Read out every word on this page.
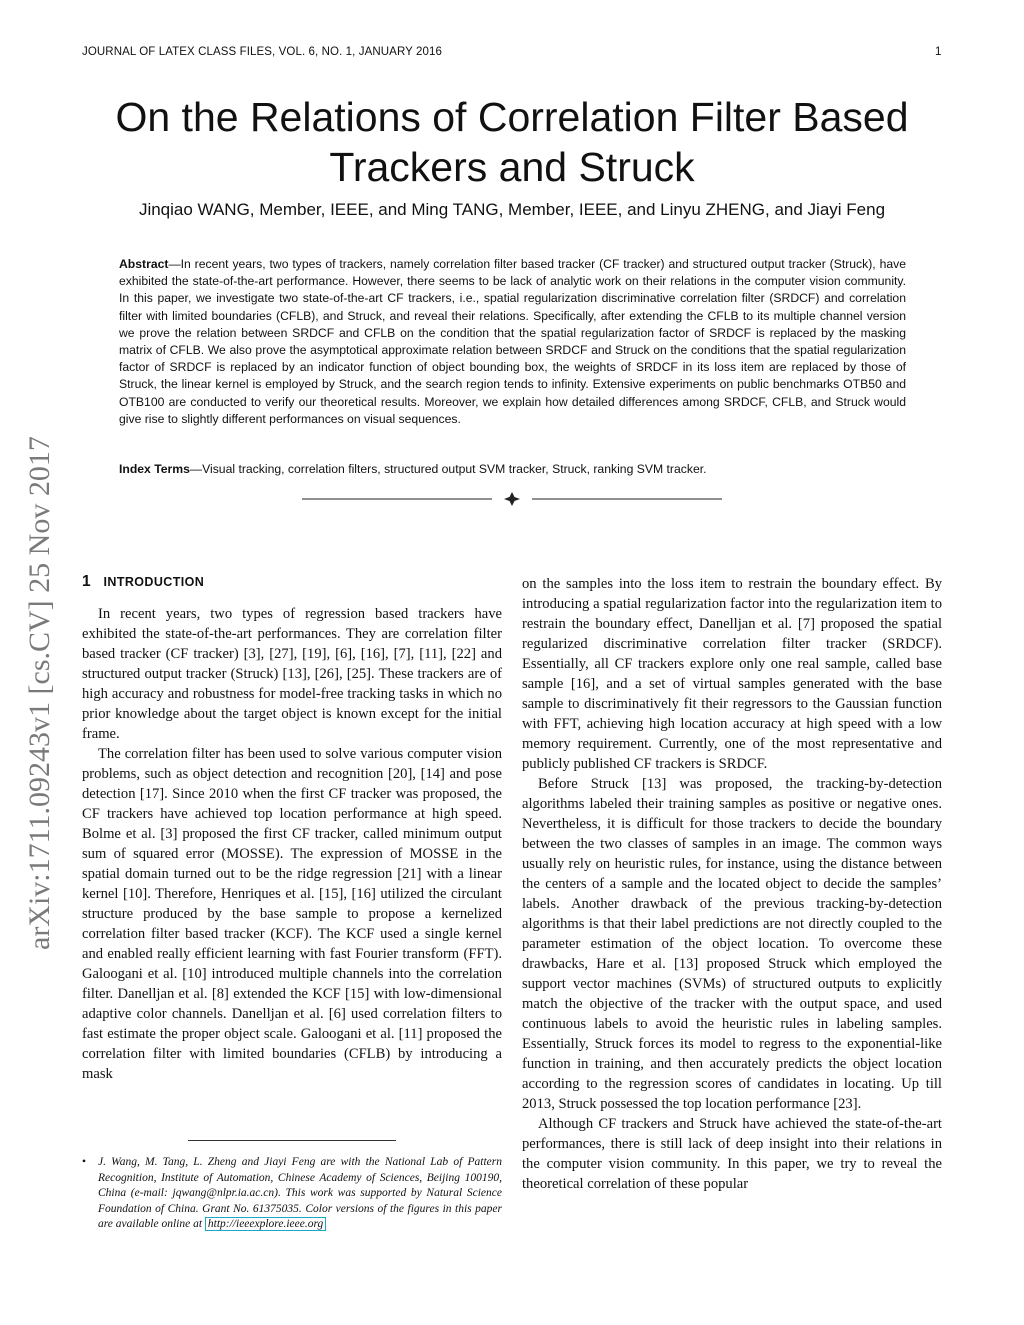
JOURNAL OF LATEX CLASS FILES, VOL. 6, NO. 1, JANUARY 2016	1
On the Relations of Correlation Filter Based Trackers and Struck
Jinqiao WANG, Member, IEEE, and Ming TANG, Member, IEEE, and Linyu ZHENG, and Jiayi Feng
Abstract—In recent years, two types of trackers, namely correlation filter based tracker (CF tracker) and structured output tracker (Struck), have exhibited the state-of-the-art performance. However, there seems to be lack of analytic work on their relations in the computer vision community. In this paper, we investigate two state-of-the-art CF trackers, i.e., spatial regularization discriminative correlation filter (SRDCF) and correlation filter with limited boundaries (CFLB), and Struck, and reveal their relations. Specifically, after extending the CFLB to its multiple channel version we prove the relation between SRDCF and CFLB on the condition that the spatial regularization factor of SRDCF is replaced by the masking matrix of CFLB. We also prove the asymptotical approximate relation between SRDCF and Struck on the conditions that the spatial regularization factor of SRDCF is replaced by an indicator function of object bounding box, the weights of SRDCF in its loss item are replaced by those of Struck, the linear kernel is employed by Struck, and the search region tends to infinity. Extensive experiments on public benchmarks OTB50 and OTB100 are conducted to verify our theoretical results. Moreover, we explain how detailed differences among SRDCF, CFLB, and Struck would give rise to slightly different performances on visual sequences.
Index Terms—Visual tracking, correlation filters, structured output SVM tracker, Struck, ranking SVM tracker.
arXiv:1711.09243v1 [cs.CV] 25 Nov 2017	1 INTRODUCTION

In recent years, two types of regression based trackers have exhibited the state-of-the-art performances. They are correlation filter based tracker (CF tracker) [3], [27], [19], [6], [16], [7], [11], [22] and structured output tracker (Struck) [13], [26], [25]. These trackers are of high accuracy and robustness for model-free tracking tasks in which no prior knowledge about the target object is known except for the initial frame.

The correlation filter has been used to solve various computer vision problems, such as object detection and recognition [20], [14] and pose detection [17]. Since 2010 when the first CF tracker was proposed, the CF trackers have achieved top location performance at high speed. Bolme et al. [3] proposed the first CF tracker, called minimum output sum of squared error (MOSSE). The expression of MOSSE in the spatial domain turned out to be the ridge regression [21] with a linear kernel [10]. Therefore, Henriques et al. [15], [16] utilized the circulant structure produced by the base sample to propose a kernelized correlation filter based tracker (KCF). The KCF used a single kernel and enabled really efficient learning with fast Fourier transform (FFT). Galoogani et al. [10] introduced multiple channels into the correlation filter. Danelljan et al. [8] extended the KCF [15] with low-dimensional adaptive color channels. Danelljan et al. [6] used correlation filters to fast estimate the proper object scale. Galoogani et al. [11] proposed the correlation filter with limited boundaries (CFLB) by introducing a mask

on the samples into the loss item to restrain the boundary effect. By introducing a spatial regularization factor into the regularization item to restrain the boundary effect, Danelljan et al. [7] proposed the spatial regularized discriminative correlation filter tracker (SRDCF). Essentially, all CF trackers explore only one real sample, called base sample [16], and a set of virtual samples generated with the base sample to discriminatively fit their regressors to the Gaussian function with FFT, achieving high location accuracy at high speed with a low memory requirement. Currently, one of the most representative and publicly published CF trackers is SRDCF.

Before Struck [13] was proposed, the tracking-by-detection algorithms labeled their training samples as positive or negative ones. Nevertheless, it is difficult for those trackers to decide the boundary between the two classes of samples in an image. The common ways usually rely on heuristic rules, for instance, using the distance between the centers of a sample and the located object to decide the samples’ labels. Another drawback of the previous tracking-by-detection algorithms is that their label predictions are not directly coupled to the parameter estimation of the object location. To overcome these drawbacks, Hare et al. [13] proposed Struck which employed the support vector machines (SVMs) of structured outputs to explicitly match the objective of the tracker with the output space, and used continuous labels to avoid the heuristic rules in labeling samples. Essentially, Struck forces its model to regress to the exponential-like function in training, and then accurately predicts the object location according to the regression scores of candidates in locating. Up till 2013, Struck possessed the top location performance [23].

Although CF trackers and Struck have achieved the state-of-the-art performances, there is still lack of deep insight into their relations in the computer vision community. In this paper, we try to reveal the theoretical correlation of these popular

• J. Wang, M. Tang, L. Zheng and Jiayi Feng are with the National Lab of Pattern Recognition, Institute of Automation, Chinese Academy of Sciences, Beijing 100190, China (e-mail: jqwang@nlpr.ia.ac.cn). This work was supported by Natural Science Foundation of China. Grant No. 61375035. Color versions of the figures in this paper are available online at http://ieeexplore.ieee.org
